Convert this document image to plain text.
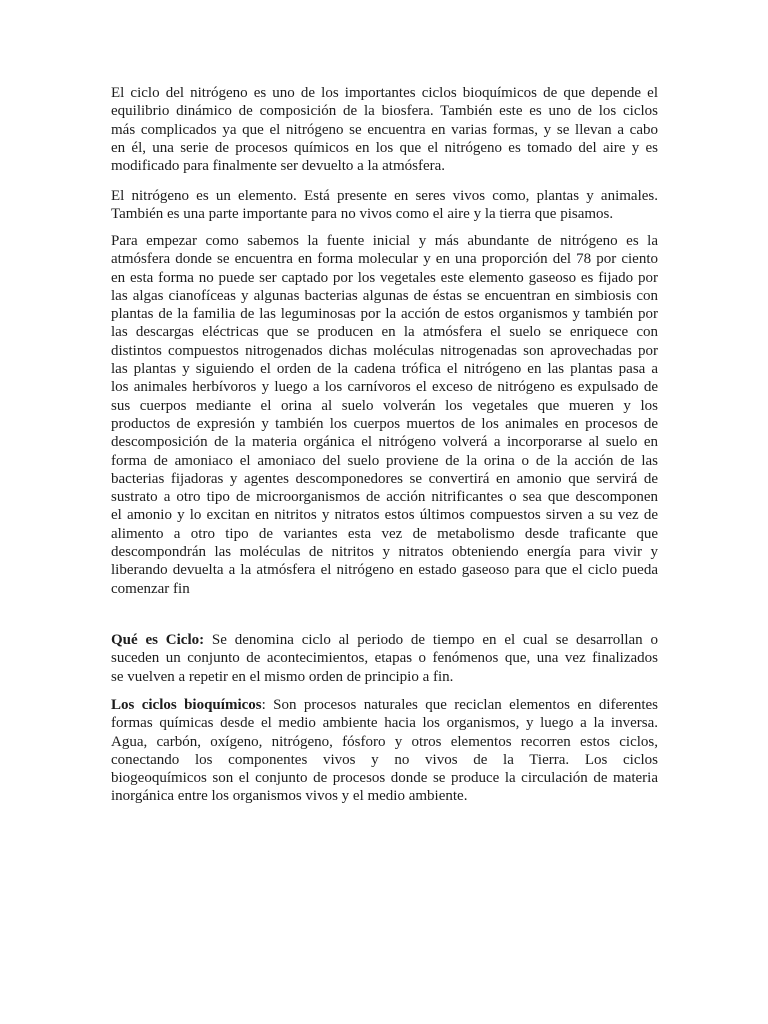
El ciclo del nitrógeno es uno de los importantes ciclos bioquímicos de que depende el
equilibrio dinámico de composición de la biosfera. También este es uno de los ciclos
más complicados ya que el nitrógeno se encuentra en varias formas, y se llevan a cabo
en él, una serie de procesos químicos en los que el nitrógeno es tomado del aire y es
modificado para finalmente ser devuelto a la atmósfera.
El nitrógeno es un elemento. Está presente en seres vivos como, plantas y animales.
También es una parte importante para no vivos como el aire y la tierra que pisamos.
Para empezar como sabemos la fuente inicial y más abundante de nitrógeno es la
atmósfera donde se encuentra en forma molecular y en una proporción del 78 por ciento
en esta forma no puede ser captado por los vegetales este elemento gaseoso es fijado por
las algas cianofíceas y algunas bacterias algunas de éstas se encuentran en simbiosis con
plantas de la familia de las leguminosas por la acción de estos organismos y también por
las descargas eléctricas que se producen en la atmósfera el suelo se enriquece con
distintos compuestos nitrogenados dichas moléculas nitrogenadas son aprovechadas por
las plantas y siguiendo el orden de la cadena trófica el nitrógeno en las plantas pasa a
los animales herbívoros y luego a los carnívoros el exceso de nitrógeno es expulsado de
sus cuerpos mediante el orina al suelo volverán los vegetales que mueren y los
productos de expresión y también los cuerpos muertos de los animales en procesos de
descomposición de la materia orgánica el nitrógeno volverá a incorporarse al suelo en
forma de amoniaco el amoniaco del suelo proviene de la orina o de la acción de las
bacterias fijadoras y agentes descomponedores se convertirá en amonio que servirá de
sustrato a otro tipo de microorganismos de acción nitrificantes o sea que descomponen
el amonio y lo excitan en nitritos y nitratos estos últimos compuestos sirven a su vez de
alimento a otro tipo de variantes esta vez de metabolismo desde traficante que
descompondrán las moléculas de nitritos y nitratos obteniendo energía para vivir y
liberando devuelta a la atmósfera el nitrógeno en estado gaseoso para que el ciclo pueda
comenzar fin
Qué es Ciclo: Se denomina ciclo al periodo de tiempo en el cual se desarrollan o
suceden un conjunto de acontecimientos, etapas o fenómenos que, una vez finalizados
se vuelven a repetir en el mismo orden de principio a fin.
Los ciclos bioquímicos: Son procesos naturales que reciclan elementos en diferentes
formas químicas desde el medio ambiente hacia los organismos, y luego a la inversa.
Agua, carbón, oxígeno, nitrógeno, fósforo y otros elementos recorren estos ciclos,
conectando los componentes vivos y no vivos de la Tierra. Los ciclos
biogeoquímicos son el conjunto de procesos donde se produce la circulación de materia
inorgánica entre los organismos vivos y el medio ambiente.
